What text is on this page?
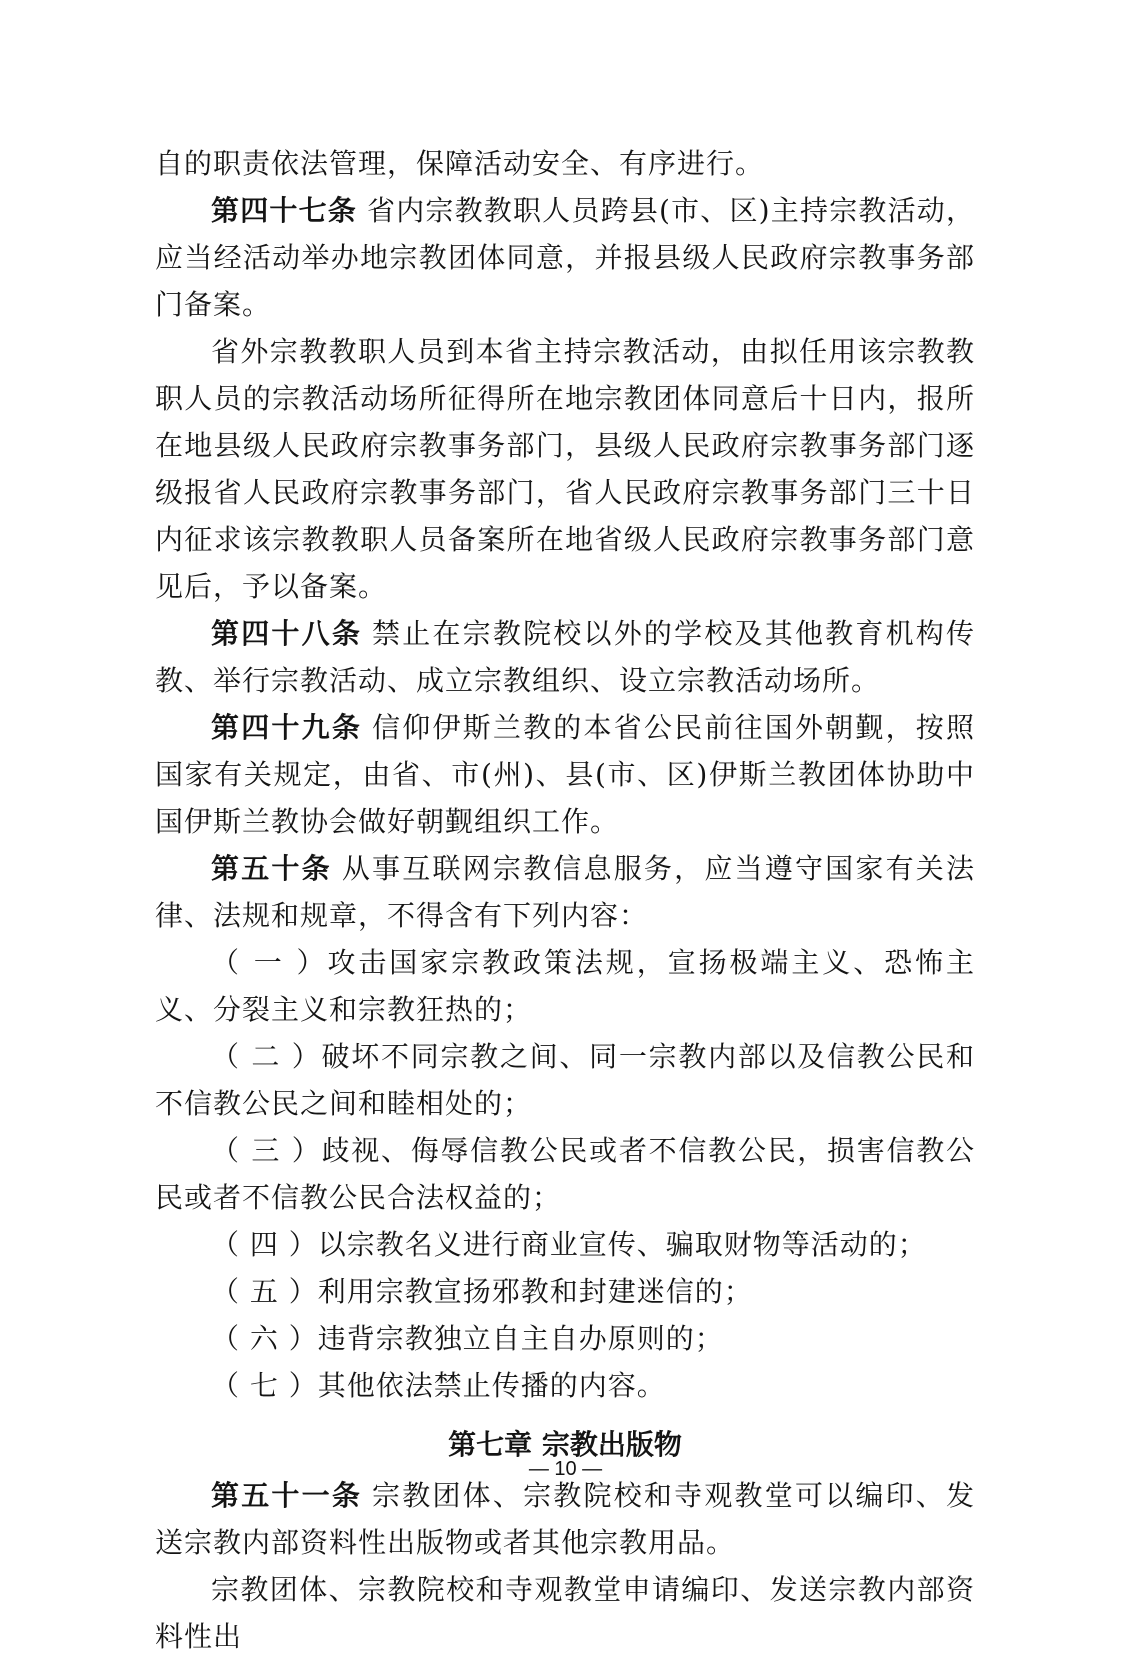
自的职责依法管理，保障活动安全、有序进行。

第四十七条 省内宗教教职人员跨县(市、区)主持宗教活动，应当经活动举办地宗教团体同意，并报县级人民政府宗教事务部门备案。

省外宗教教职人员到本省主持宗教活动，由拟任用该宗教教职人员的宗教活动场所征得所在地宗教团体同意后十日内，报所在地县级人民政府宗教事务部门，县级人民政府宗教事务部门逐级报省人民政府宗教事务部门，省人民政府宗教事务部门三十日内征求该宗教教职人员备案所在地省级人民政府宗教事务部门意见后，予以备案。

第四十八条 禁止在宗教院校以外的学校及其他教育机构传教、举行宗教活动、成立宗教组织、设立宗教活动场所。

第四十九条 信仰伊斯兰教的本省公民前往国外朝觐，按照国家有关规定，由省、市(州)、县(市、区)伊斯兰教团体协助中国伊斯兰教协会做好朝觐组织工作。

第五十条 从事互联网宗教信息服务，应当遵守国家有关法律、法规和规章，不得含有下列内容：

（ 一 ）攻击国家宗教政策法规，宣扬极端主义、恐怖主义、分裂主义和宗教狂热的；

（ 二 ）破坏不同宗教之间、同一宗教内部以及信教公民和不信教公民之间和睦相处的；

（ 三 ）歧视、侮辱信教公民或者不信教公民，损害信教公民或者不信教公民合法权益的；

（ 四 ）以宗教名义进行商业宣传、骗取财物等活动的；

（ 五 ）利用宗教宣扬邪教和封建迷信的；

（ 六 ）违背宗教独立自主自办原则的；

（ 七 ）其他依法禁止传播的内容。

第七章 宗教出版物

第五十一条 宗教团体、宗教院校和寺观教堂可以编印、发送宗教内部资料性出版物或者其他宗教用品。

宗教团体、宗教院校和寺观教堂申请编印、发送宗教内部资料性出

— 10 —
